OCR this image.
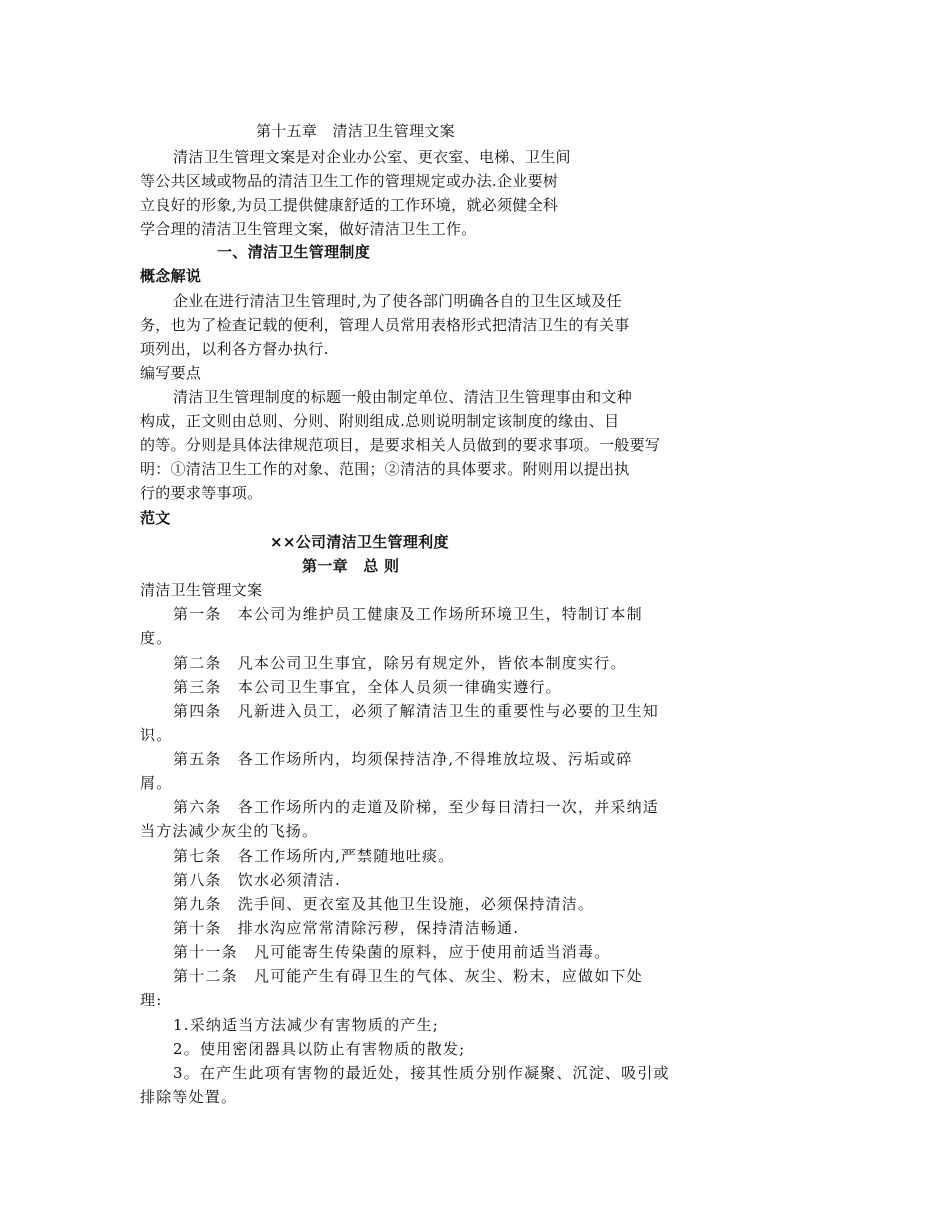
第十五章　清洁卫生管理文案
清洁卫生管理文案是对企业办公室、更衣室、电梯、卫生间
等公共区域或物品的清洁卫生工作的管理规定或办法.企业要树
立良好的形象,为员工提供健康舒适的工作环境，就必须健全科
学合理的清洁卫生管理文案，做好清洁卫生工作。
一、清洁卫生管理制度
概念解说
企业在进行清洁卫生管理时,为了使各部门明确各自的卫生区域及任
务，也为了检查记载的便利，管理人员常用表格形式把清洁卫生的有关事
项列出，以利各方督办执行.
编写要点
清洁卫生管理制度的标题一般由制定单位、清洁卫生管理事由和文种
构成，正文则由总则、分则、附则组成.总则说明制定该制度的缘由、目
的等。分则是具体法律规范项目，是要求相关人员做到的要求事项。一般要写
明：①清洁卫生工作的对象、范围；②清洁的具体要求。附则用以提出执
行的要求等事项。
范文
××公司清洁卫生管理利度
第一章　总 则
清洁卫生管理文案
第一条　本公司为维护员工健康及工作场所环境卫生，特制订本制
度。
第二条　凡本公司卫生事宜，除另有规定外，皆依本制度实行。
第三条　本公司卫生事宜，全体人员须一律确实遵行。
第四条　凡新进入员工，必须了解清洁卫生的重要性与必要的卫生知
识。
第五条　各工作场所内，均须保持洁净,不得堆放垃圾、污垢或碎
屑。
第六条　各工作场所内的走道及阶梯，至少每日清扫一次，并采纳适
当方法减少灰尘的飞扬。
第七条　各工作场所内,严禁随地吐痰。
第八条　饮水必须清洁.
第九条　洗手间、更衣室及其他卫生设施，必须保持清洁。
第十条　排水沟应常常清除污秽，保持清洁畅通.
第十一条　凡可能寄生传染菌的原料，应于使用前适当消毒。
第十二条　凡可能产生有碍卫生的气体、灰尘、粉末，应做如下处
理:
1.采纳适当方法减少有害物质的产生;
2。使用密闭器具以防止有害物质的散发;
3。在产生此项有害物的最近处，接其性质分别作凝聚、沉淀、吸引或
排除等处置。
